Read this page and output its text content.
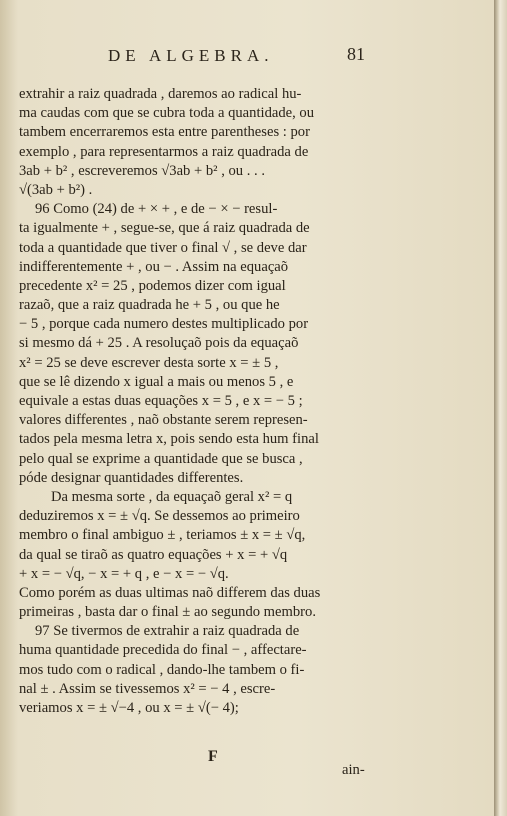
DE ALGEBRA.	81
extrahir a raiz quadrada , daremos ao radical hu-
ma caudas com que se cubra toda a quantidade, ou
tambem encerraremos esta entre parentheses : por
exemplo , para representarmos a raiz quadrada de
3ab + b² , escreveremos √3ab + b² , ou . . .
√(3ab + b²) .
96 Como (24) de + × + , e de − × − resul-
ta igualmente + , segue-se, que á raiz quadrada de
toda a quantidade que tiver o final √ , se deve dar
indifferentemente + , ou − . Assim na equaçaõ
precedente x² = 25 , podemos dizer com igual
razaõ, que a raiz quadrada he + 5 , ou que he
− 5 , porque cada numero destes multiplicado por
si mesmo dá + 25 . A resoluçaõ pois da equaçaõ
x² = 25 se deve escrever desta sorte x = ± 5 ,
que se lê dizendo x igual a mais ou menos 5 , e
equivale a estas duas equações x = 5 , e x = − 5 ;
valores differentes , naõ obstante serem represen-
tados pela mesma letra x, pois sendo esta hum final
pelo qual se exprime a quantidade que se busca ,
póde designar quantidades differentes.
Da mesma sorte , da equaçaõ geral x² = q
deduziremos x = ± √q. Se dessemos ao primeiro
membro o final ambiguo ± , teriamos ± x = ± √q,
da qual se tiraõ as quatro equações + x = + √q
+ x = − √q, − x = + q , e − x = − √q.
Como porém as duas ultimas naõ differem das duas
primeiras , basta dar o final ± ao segundo membro.
97 Se tivermos de extrahir a raiz quadrada de
huma quantidade precedida do final − , affectare-
mos tudo com o radical , dando-lhe tambem o fi-
nal ± . Assim se tivessemos x² = − 4 , escre-
veriamos x = ± √−4 , ou x = ± √(− 4);
F
ain-
